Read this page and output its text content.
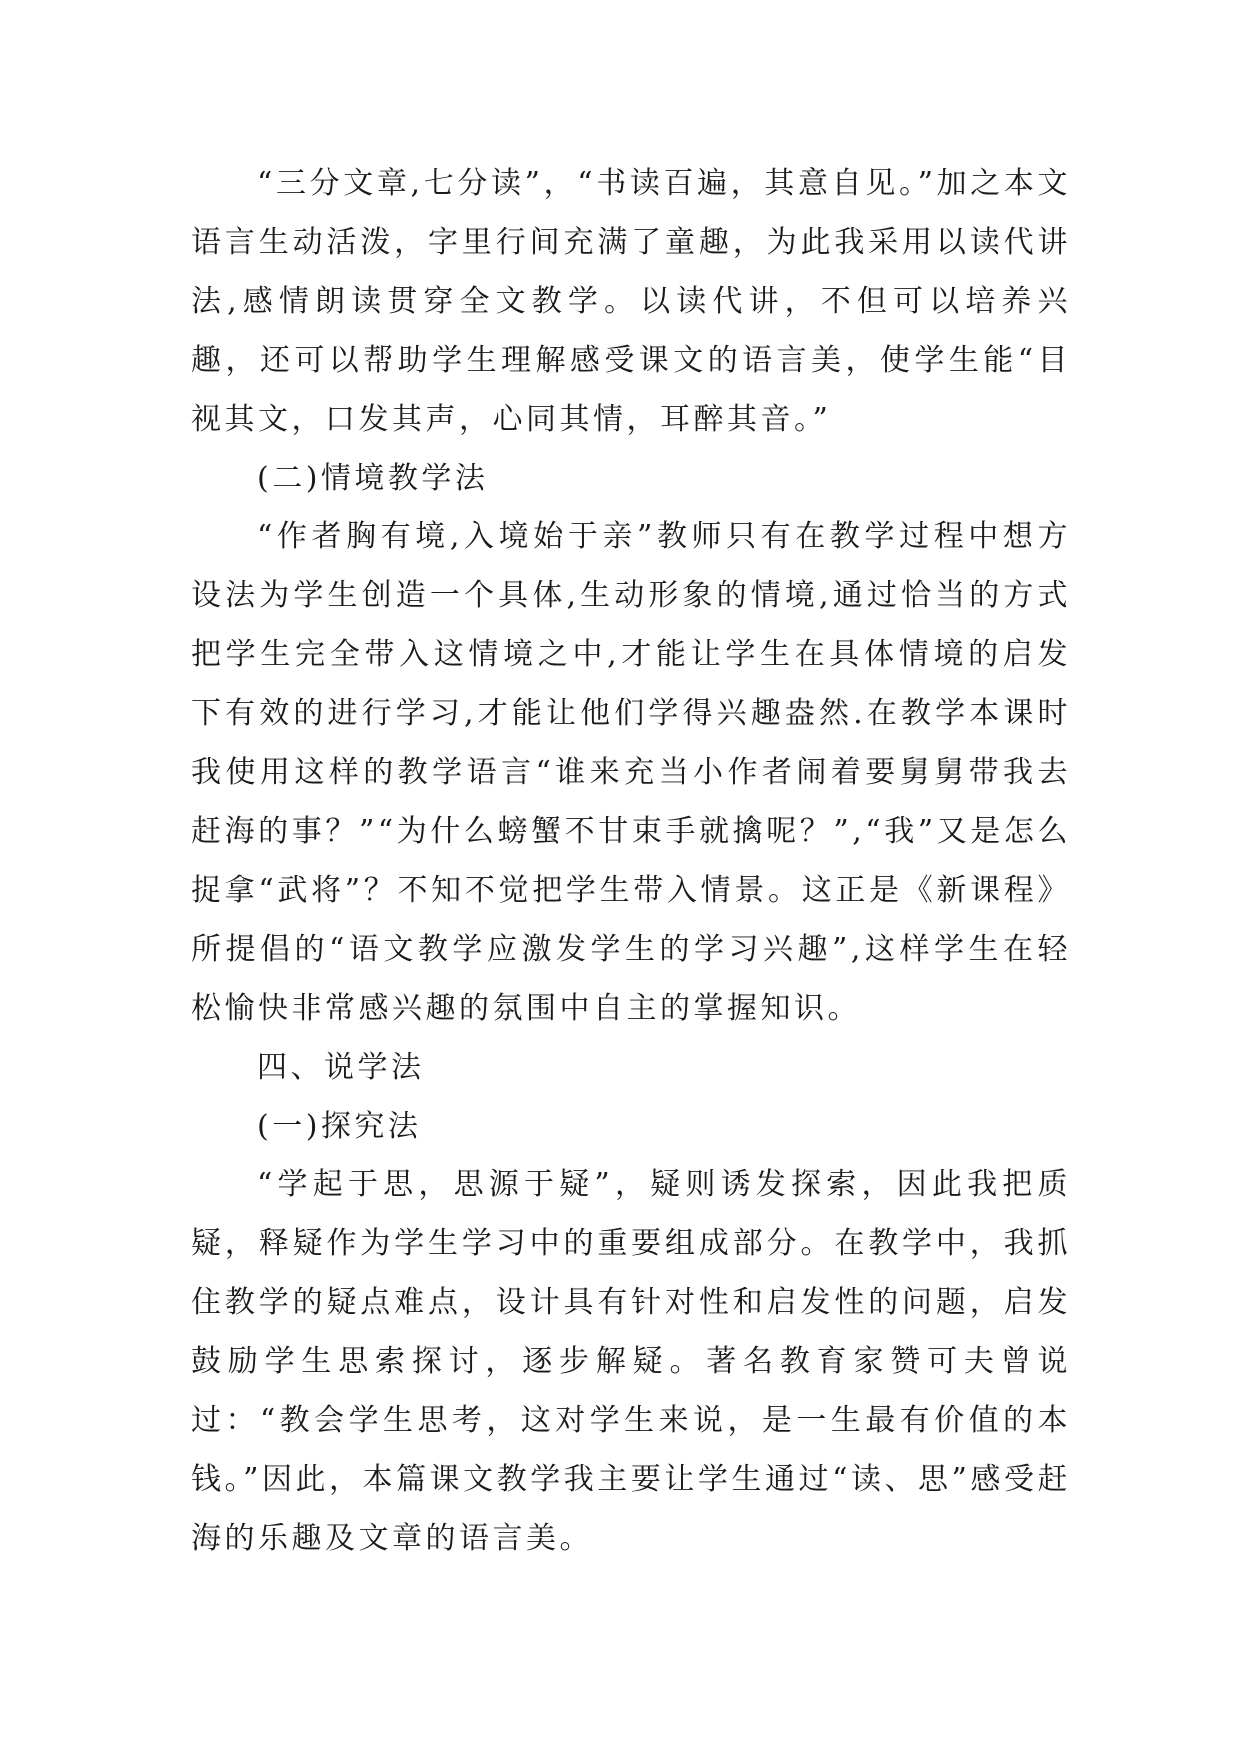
“三分文章,七分读”，“书读百遍，其意自见。”加之本文语言生动活泼，字里行间充满了童趣，为此我采用以读代讲法,感情朗读贯穿全文教学。以读代讲，不但可以培养兴趣，还可以帮助学生理解感受课文的语言美，使学生能“目视其文，口发其声，心同其情，耳醉其音。”

(二)情境教学法

“作者胸有境,入境始于亲”教师只有在教学过程中想方设法为学生创造一个具体,生动形象的情境,通过恰当的方式把学生完全带入这情境之中,才能让学生在具体情境的启发下有效的进行学习,才能让他们学得兴趣盎然.在教学本课时我使用这样的教学语言“谁来充当小作者闹着要舅舅带我去赶海的事？”“为什么螃蟹不甘束手就擒呢？”,“我”又是怎么捉拿“武将”？不知不觉把学生带入情景。这正是《新课程》所提倡的“语文教学应激发学生的学习兴趣”,这样学生在轻松愉快非常感兴趣的氛围中自主的掌握知识。

四、说学法

(一)探究法

“学起于思，思源于疑”，疑则诱发探索，因此我把质疑，释疑作为学生学习中的重要组成部分。在教学中，我抓住教学的疑点难点，设计具有针对性和启发性的问题，启发鼓励学生思索探讨，逐步解疑。著名教育家赞可夫曾说过：“教会学生思考，这对学生来说，是一生最有价值的本钱。”因此，本篇课文教学我主要让学生通过“读、思”感受赶海的乐趣及文章的语言美。
